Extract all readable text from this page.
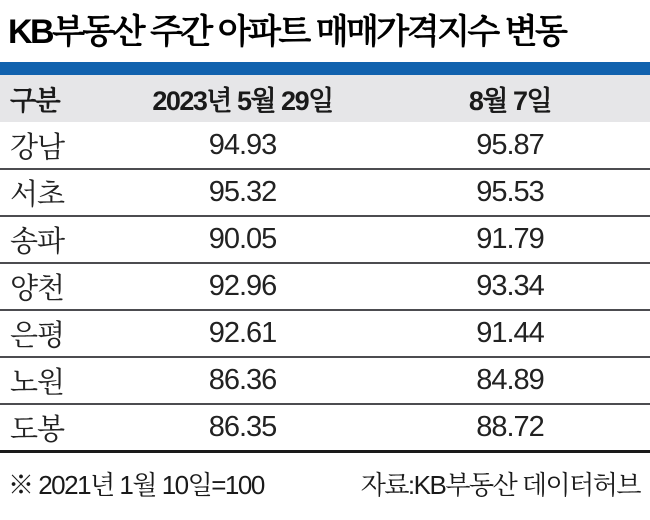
KB부동산 주간 아파트 매매가격지수 변동
구분	2023년 5월 29일	8월 7일
강남	94.93	95.87
서초	95.32	95.53
송파	90.05	91.79
양천	92.96	93.34
은평	92.61	91.44
노원	86.36	84.89
도봉	86.35	88.72
※ 2021년 1월 10일=100	자료:KB부동산 데이터허브
